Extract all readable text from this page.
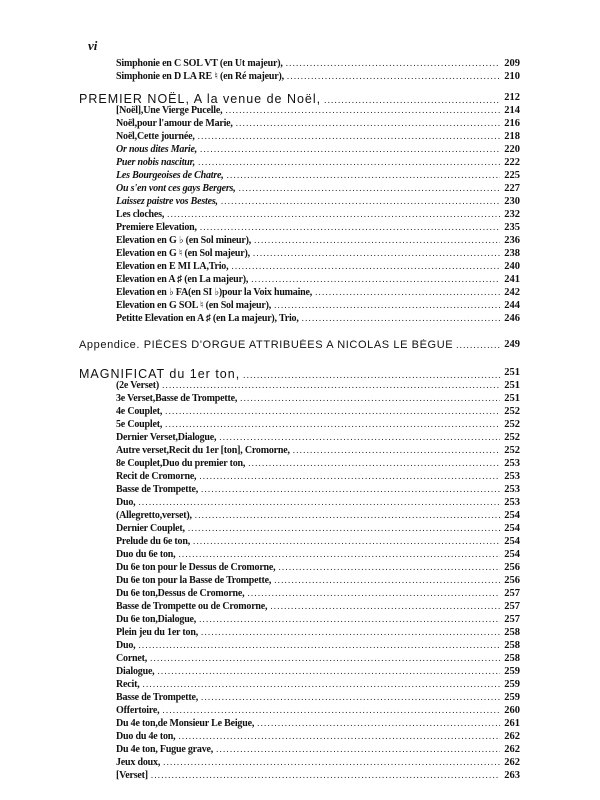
vi
Simphonie en C SOL VT (en Ut majeur), .....	209
Simphonie en D LA RE ♮ (en Ré majeur), .....	210
PREMIER NOËL, A la venue de Noël, .....	212
[Noël],Une Vierge Pucelle, .....	214
Noël,pour l'amour de Marie, .....	216
Noël,Cette journée, .....	218
Or nous dites Marie, .....	220
Puer nobis nascitur, .....	222
Les Bourgeoises de Chatre, .....	225
Ou s'en vont ces gays Bergers, .....	227
Laissez paistre vos Bestes, .....	230
Les cloches, .....	232
Premiere Elevation, .....	235
Elevation en G ♭ (en Sol mineur), .....	236
Elevation en G ♮ (en Sol majeur), .....	238
Elevation en E MI LA,Trio, .....	240
Elevation en A ♯ (en La majeur), .....	241
Elevation en ♭ FA(en SI ♭)pour la Voix humaine, .....	242
Elevation en G SOL ♮ (en Sol majeur), .....	244
Petitte Elevation en A ♯ (en La majeur), Trio, .....	246
Appendice. PIÈCES D'ORGUE ATTRIBUÉES A NICOLAS LE BÈGUE .....	249
MAGNIFICAT du 1er ton, .....	251
(2e Verset) .....	251
3e Verset,Basse de Trompette, .....	251
4e Couplet, .....	252
5e Couplet, .....	252
Dernier Verset,Dialogue, .....	252
Autre verset,Recit du 1er [ton], Cromorne, .....	252
8e Couplet,Duo du premier ton, .....	253
Recit de Cromorne, .....	253
Basse de Trompette, .....	253
Duo, .....	253
(Allegretto,verset), .....	254
Dernier Couplet, .....	254
Prelude du 6e ton, .....	254
Duo du 6e ton, .....	254
Du 6e ton pour le Dessus de Cromorne, .....	256
Du 6e ton pour la Basse de Trompette, .....	256
Du 6e ton,Dessus de Cromorne, .....	257
Basse de Trompette ou de Cromorne, .....	257
Du 6e ton,Dialogue, .....	257
Plein jeu du 1er ton, .....	258
Duo, .....	258
Cornet, .....	258
Dialogue, .....	259
Recit, .....	259
Basse de Trompette, .....	259
Offertoire, .....	260
Du 4e ton,de Monsieur Le Beigue, .....	261
Duo du 4e ton, .....	262
Du 4e ton, Fugue grave, .....	262
Jeux doux, .....	262
[Verset] .....	263
